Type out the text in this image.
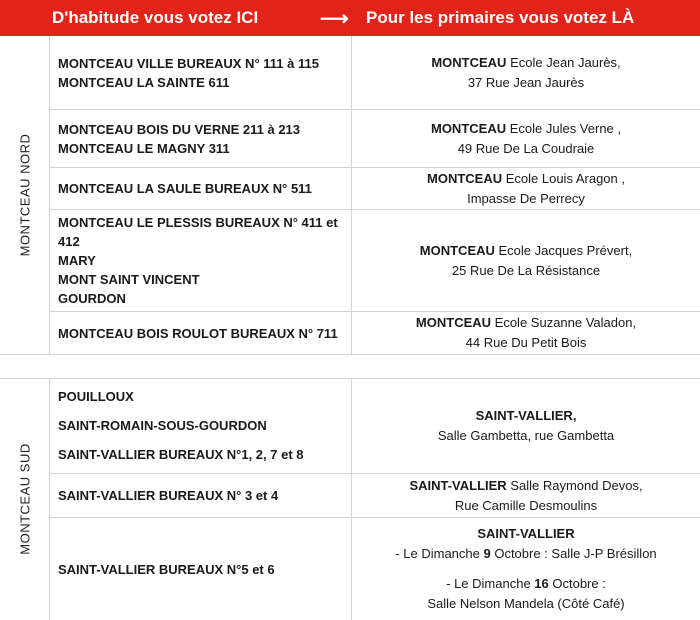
D'habitude vous votez ICI	⟶ Pour les primaires vous votez LÀ
MONTCEAU NORD
MONTCEAU VILLE BUREAUX N° 111 à 115
MONTCEAU LA SAINTE 611
MONTCEAU Ecole Jean Jaurès,
37 Rue Jean Jaurès
MONTCEAU BOIS DU VERNE 211 à 213
MONTCEAU LE MAGNY 311
MONTCEAU Ecole Jules Verne ,
49 Rue De La Coudraie
MONTCEAU LA SAULE BUREAUX N° 511
MONTCEAU Ecole Louis Aragon ,
Impasse De Perrecy
MONTCEAU LE PLESSIS BUREAUX N° 411 et
412
MARY
MONT SAINT VINCENT
GOURDON
MONTCEAU Ecole Jacques Prévert,
25 Rue De La Résistance
MONTCEAU BOIS ROULOT BUREAUX N° 711
MONTCEAU Ecole Suzanne Valadon,
44 Rue Du Petit Bois
MONTCEAU SUD
POUILLOUX
SAINT-ROMAIN-SOUS-GOURDON
SAINT-VALLIER BUREAUX N°1, 2, 7 et 8
SAINT-VALLIER,
Salle Gambetta, rue Gambetta
SAINT-VALLIER BUREAUX N° 3 et 4
SAINT-VALLIER Salle Raymond Devos,
Rue Camille Desmoulins
SAINT-VALLIER BUREAUX N°5 et 6
SAINT-VALLIER
- Le Dimanche 9 Octobre : Salle J-P Brésillon
- Le Dimanche 16 Octobre :
Salle Nelson Mandela (Côté Café)
